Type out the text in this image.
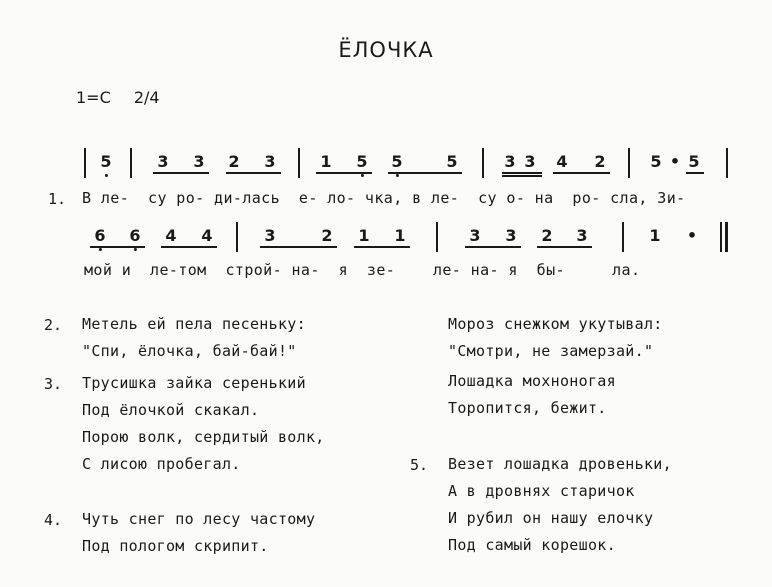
ЁЛОЧКА
1=C 2/4
5	3 3 2 3	1 5 5	5	3 3 4 2	5 • 5
1. В ле-  су ро- ди-лась  е- ло- чка, в ле-  су о- на  ро- сла, Зи-
6 6 4 4	3	2 1 1	3 3 2 3	1 •
мой и  ле-том  строй- на-  я  зе-    ле- на- я  бы-     ла.
2. Метель ей пела песеньку:
"Спи, ёлочка, бай-бай!"
Мороз снежком укутывал:
"Смотри, не замерзай."
3. Трусишка зайка серенький
Под ёлочкой скакал.
Порою волк, сердитый волк,
С лисою пробегал.
Лошадка мохноногая
Торопится, бежит.
5. Везет лошадка дровеньки,
А в дровнях старичок
И рубил он нашу елочку
Под самый корешок.
4. Чуть снег по лесу частому
Под пологом скрипит.
